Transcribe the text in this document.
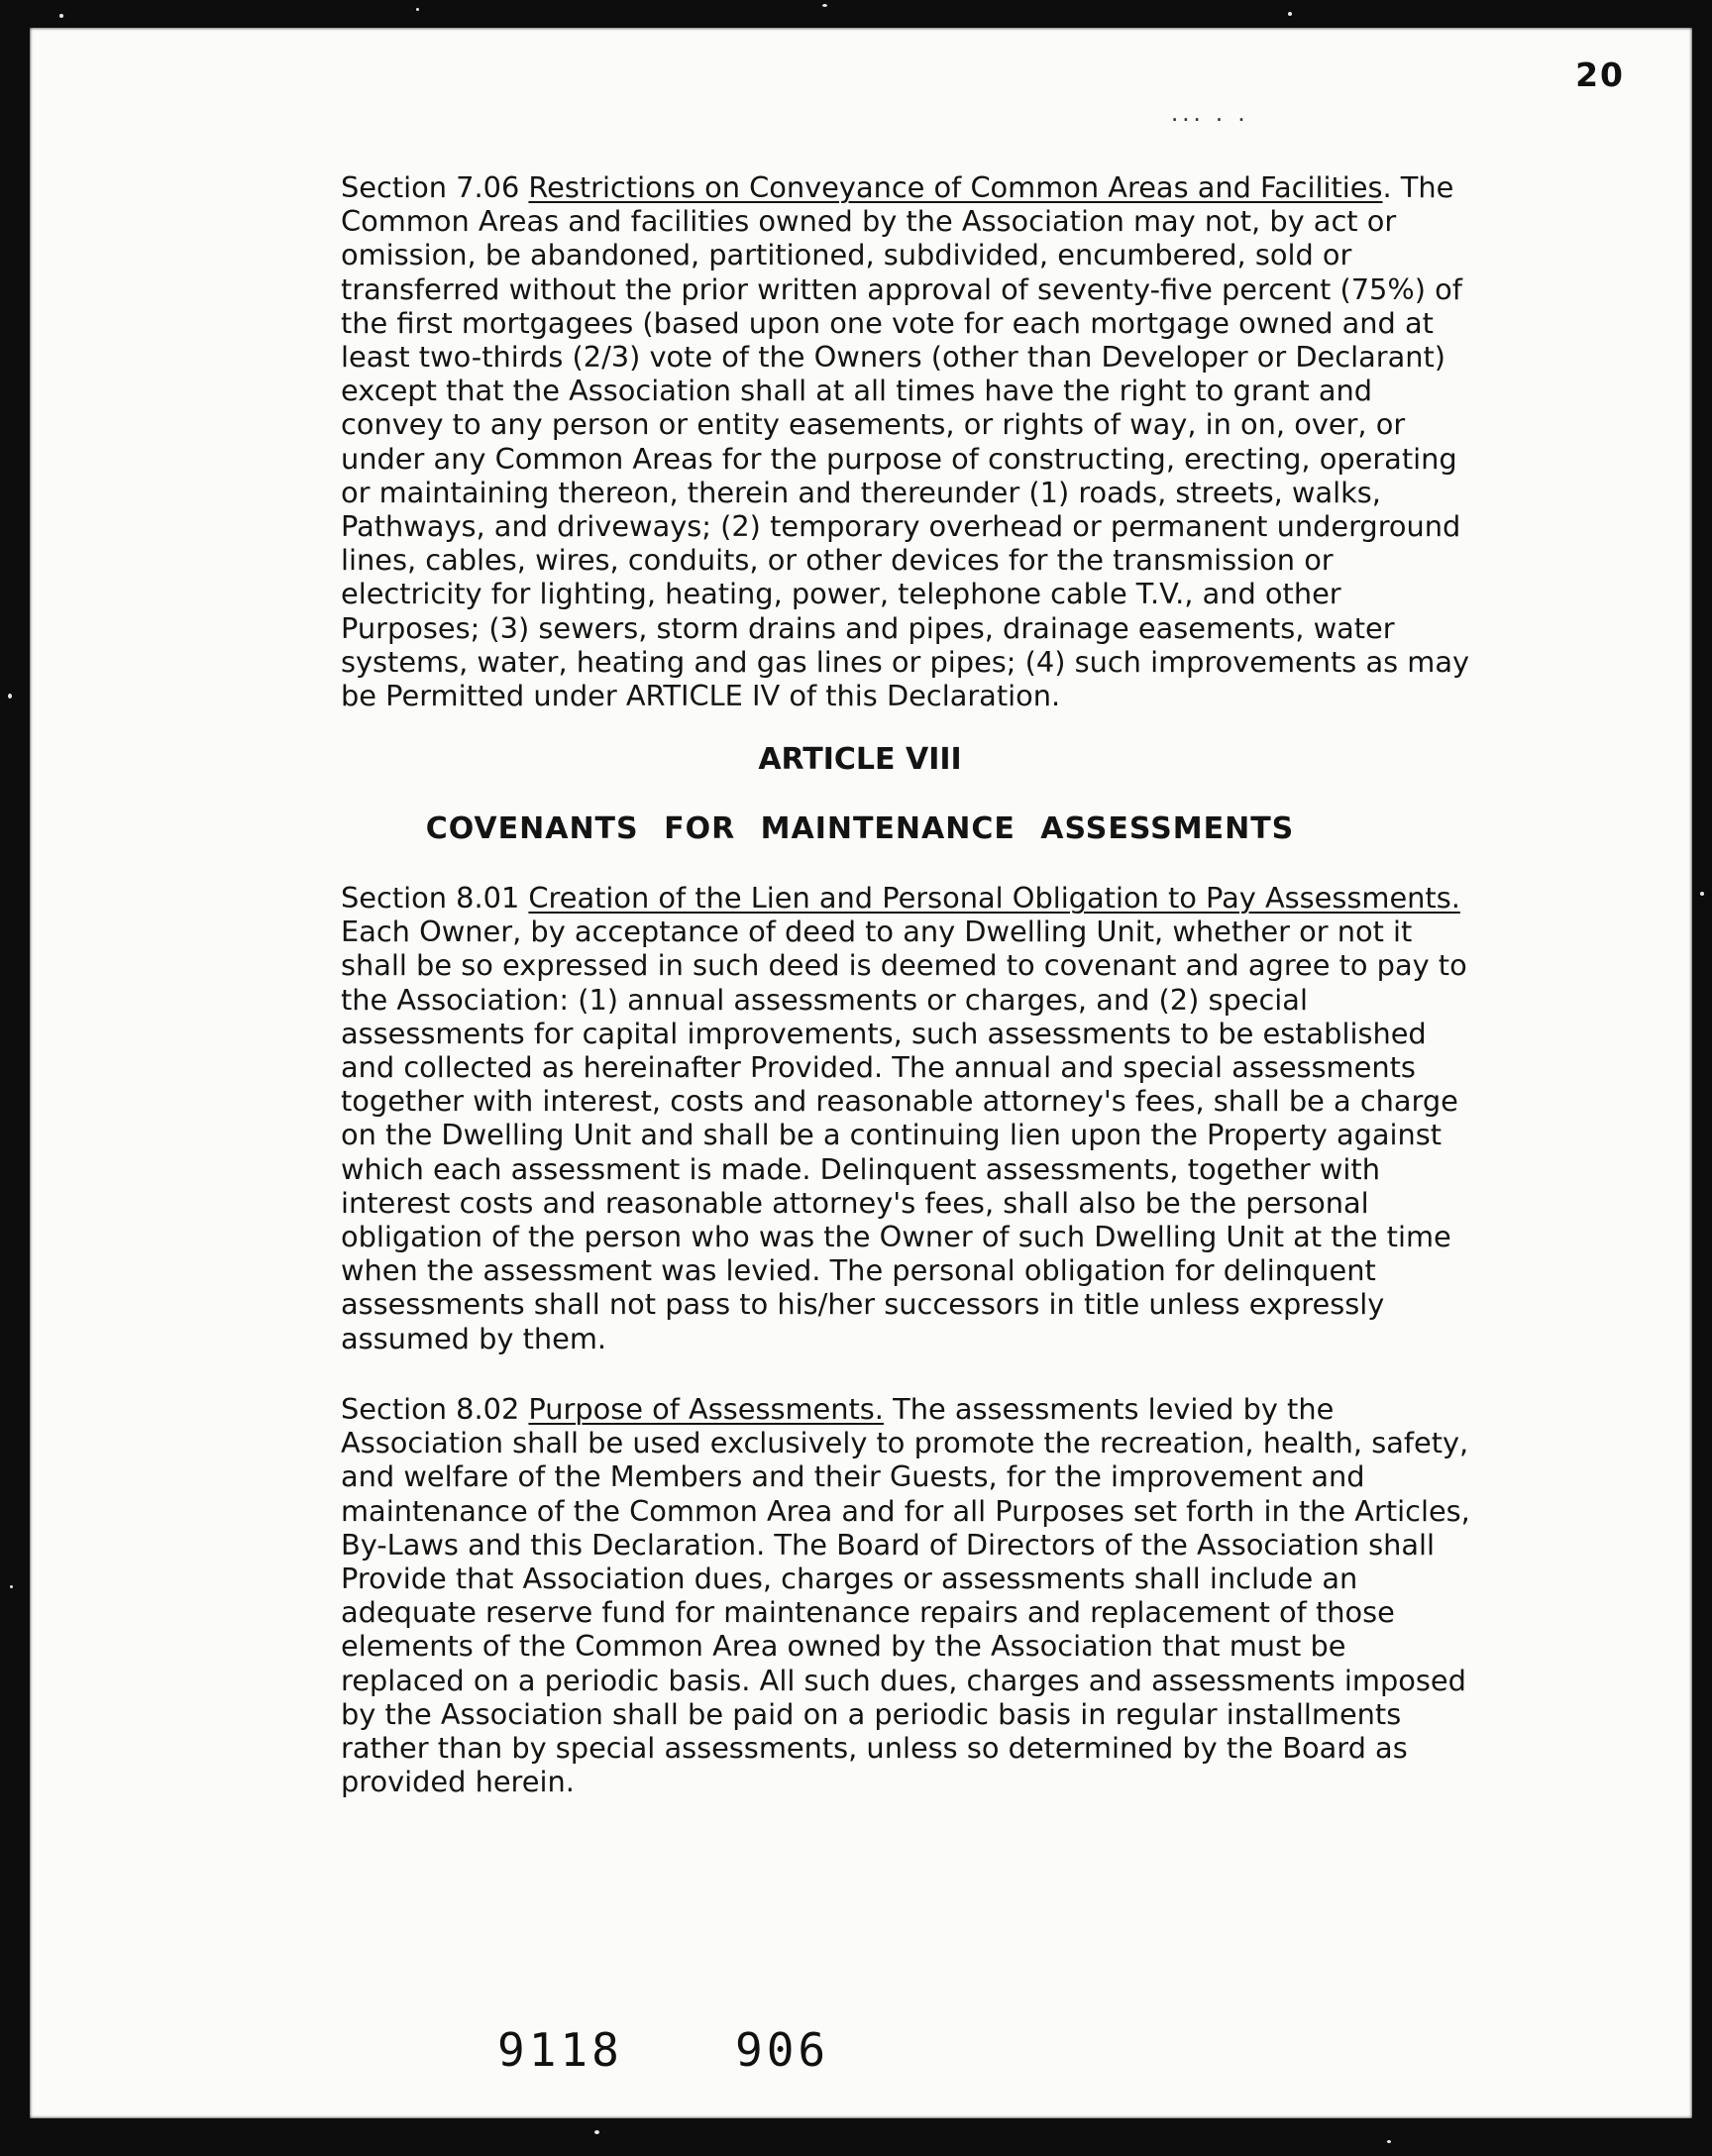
20
... . .

Section 7.06 Restrictions on Conveyance of Common Areas and Facilities. The Common Areas and facilities owned by the Association may not, by act or omission, be abandoned, partitioned, subdivided, encumbered, sold or transferred without the prior written approval of seventy-five percent (75%) of the first mortgagees (based upon one vote for each mortgage owned and at least two-thirds (2/3) vote of the Owners (other than Developer or Declarant) except that the Association shall at all times have the right to grant and convey to any person or entity easements, or rights of way, in on, over, or under any Common Areas for the purpose of constructing, erecting, operating or maintaining thereon, therein and thereunder (1) roads, streets, walks, Pathways, and driveways; (2) temporary overhead or permanent underground lines, cables, wires, conduits, or other devices for the transmission or electricity for lighting, heating, power, telephone cable T.V., and other Purposes; (3) sewers, storm drains and pipes, drainage easements, water systems, water, heating and gas lines or pipes; (4) such improvements as may be Permitted under ARTICLE IV of this Declaration.

ARTICLE VIII
COVENANTS FOR MAINTENANCE ASSESSMENTS

Section 8.01 Creation of the Lien and Personal Obligation to Pay Assessments. Each Owner, by acceptance of deed to any Dwelling Unit, whether or not it shall be so expressed in such deed is deemed to covenant and agree to pay to the Association: (1) annual assessments or charges, and (2) special assessments for capital improvements, such assessments to be established and collected as hereinafter Provided. The annual and special assessments together with interest, costs and reasonable attorney's fees, shall be a charge on the Dwelling Unit and shall be a continuing lien upon the Property against which each assessment is made. Delinquent assessments, together with interest costs and reasonable attorney's fees, shall also be the personal obligation of the person who was the Owner of such Dwelling Unit at the time when the assessment was levied. The personal obligation for delinquent assessments shall not pass to his/her successors in title unless expressly assumed by them.

Section 8.02 Purpose of Assessments. The assessments levied by the Association shall be used exclusively to promote the recreation, health, safety, and welfare of the Members and their Guests, for the improvement and maintenance of the Common Area and for all Purposes set forth in the Articles, By-Laws and this Declaration. The Board of Directors of the Association shall Provide that Association dues, charges or assessments shall include an adequate reserve fund for maintenance repairs and replacement of those elements of the Common Area owned by the Association that must be replaced on a periodic basis. All such dues, charges and assessments imposed by the Association shall be paid on a periodic basis in regular installments rather than by special assessments, unless so determined by the Board as provided herein.

9118 906
